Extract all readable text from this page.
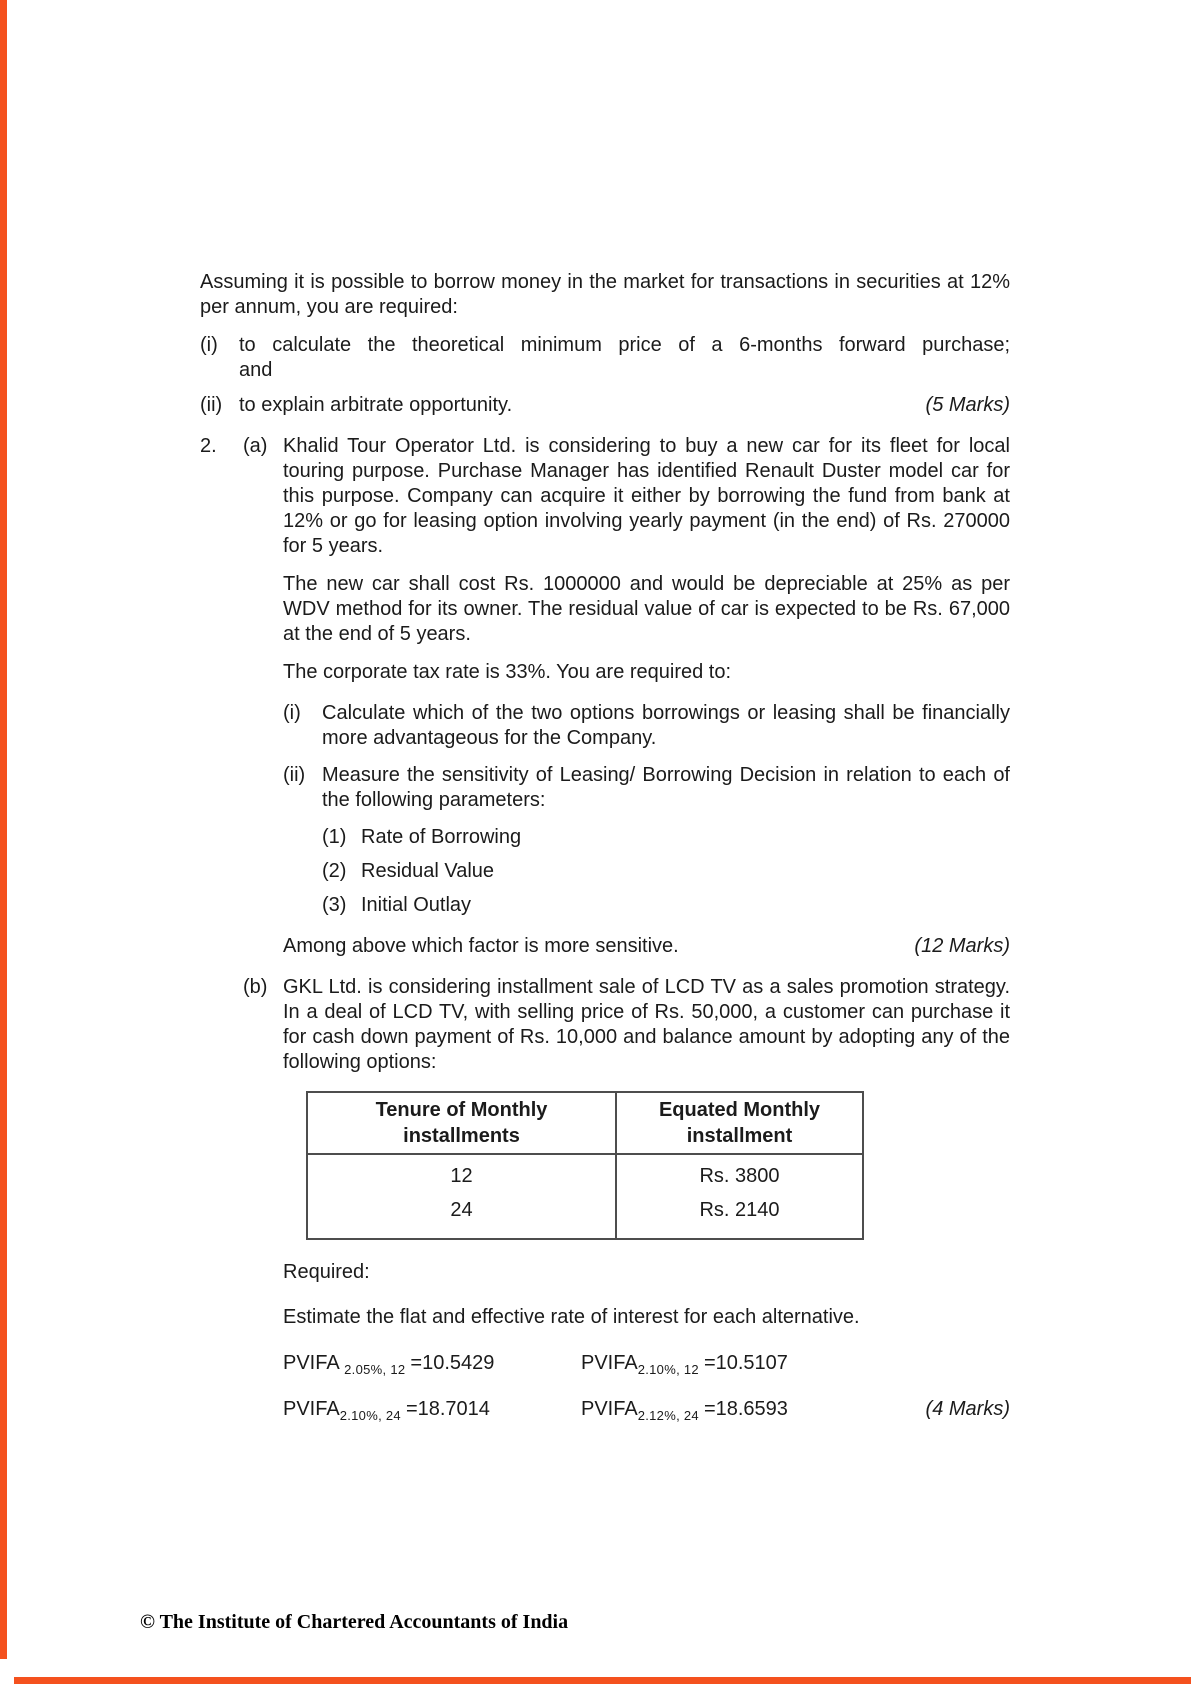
Assuming it is possible to borrow money in the market for transactions in securities at 12% per annum, you are required:
(i)	to calculate the theoretical minimum price of a 6-months forward purchase;
and
(ii) to explain arbitrate opportunity.	(5 Marks)
2.	(a) Khalid Tour Operator Ltd. is considering to buy a new car for its fleet for local touring purpose. Purchase Manager has identified Renault Duster model car for this purpose. Company can acquire it either by borrowing the fund from bank at 12% or go for leasing option involving yearly payment (in the end) of Rs. 270000 for 5 years.
The new car shall cost Rs. 1000000 and would be depreciable at 25% as per WDV method for its owner. The residual value of car is expected to be Rs. 67,000 at the end of 5 years.
The corporate tax rate is 33%. You are required to:
(i)	Calculate which of the two options borrowings or leasing shall be financially more advantageous for the Company.
(ii) Measure the sensitivity of Leasing/ Borrowing Decision in relation to each of the following parameters:
(1) Rate of Borrowing
(2) Residual Value
(3) Initial Outlay
Among above which factor is more sensitive.	(12 Marks)
(b) GKL Ltd. is considering installment sale of LCD TV as a sales promotion strategy. In a deal of LCD TV, with selling price of Rs. 50,000, a customer can purchase it for cash down payment of Rs. 10,000 and balance amount by adopting any of the following options:
Tenure of Monthly installments	Equated Monthly installment
12	Rs. 3800
24	Rs. 2140
Required:
Estimate the flat and effective rate of interest for each alternative.
PVIFA $_{2.05\%, 12}$ =10.5429	$PVIFA_{2.10\%, 12} =10.5107$
$PVIFA_{2.10\%, 24} =18.7014$	$PVIFA_{2.12\%, 24} =18.6593$	(4 Marks)
© The Institute of Chartered Accountants of India
